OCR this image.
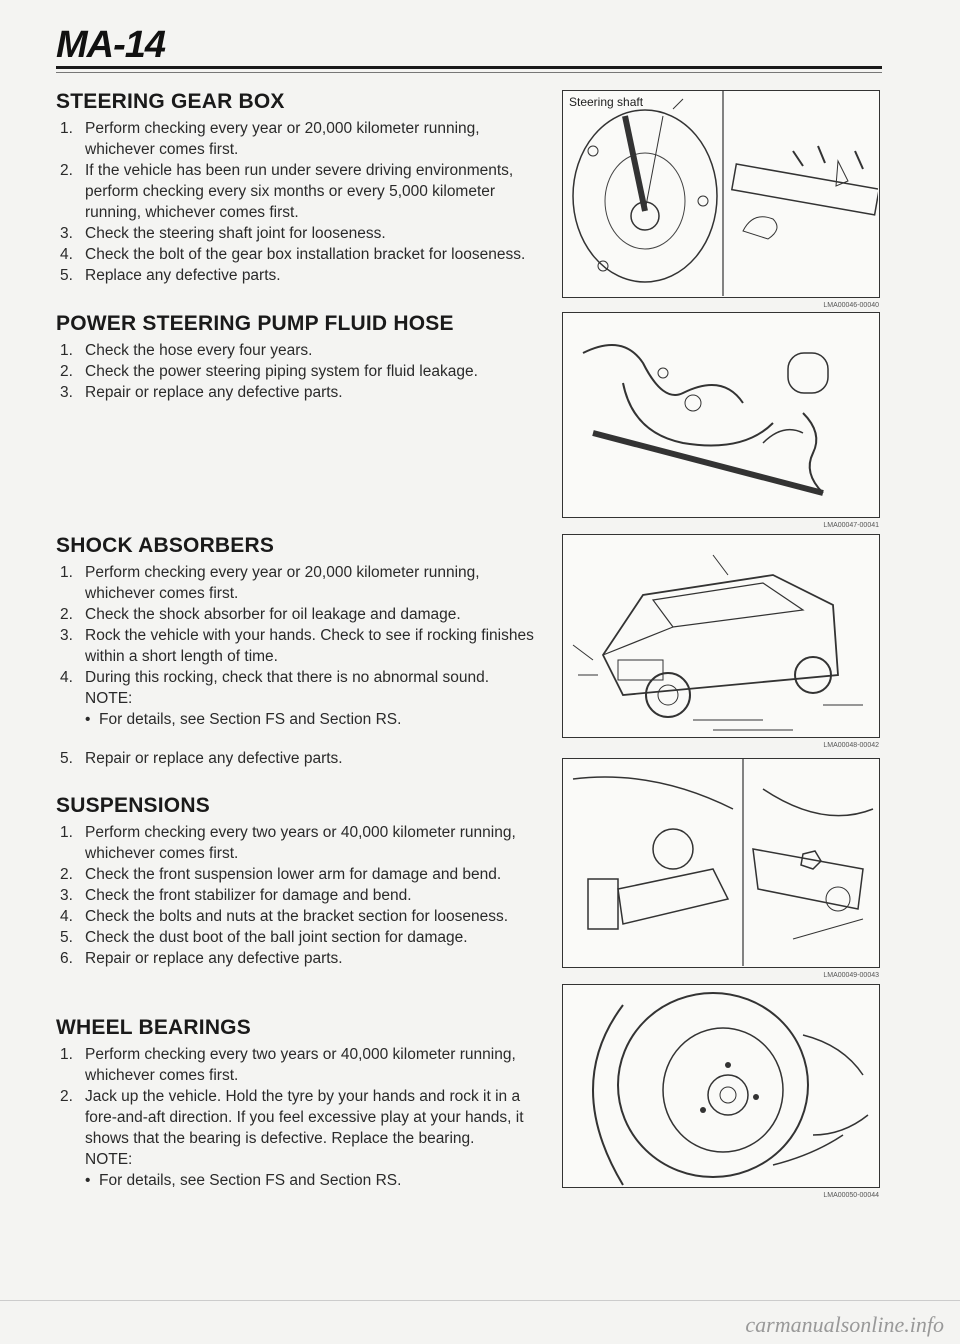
MA-14
STEERING GEAR BOX
1. Perform checking every year or 20,000 kilometer running, whichever comes first.
2. If the vehicle has been run under severe driving environments, perform checking every six months or every 5,000 kilometer running, whichever comes first.
3. Check the steering shaft joint for looseness.
4. Check the bolt of the gear box installation bracket for looseness.
5. Replace any defective parts.
POWER STEERING PUMP FLUID HOSE
1. Check the hose every four years.
2. Check the power steering piping system for fluid leakage.
3. Repair or replace any defective parts.
SHOCK ABSORBERS
1. Perform checking every year or 20,000 kilometer running, whichever comes first.
2. Check the shock absorber for oil leakage and damage.
3. Rock the vehicle with your hands. Check to see if rocking finishes within a short length of time.
4. During this rocking, check that there is no abnormal sound.
NOTE:
• For details, see Section FS and Section RS.
5. Repair or replace any defective parts.
SUSPENSIONS
1. Perform checking every two years or 40,000 kilometer running, whichever comes first.
2. Check the front suspension lower arm for damage and bend.
3. Check the front stabilizer for damage and bend.
4. Check the bolts and nuts at the bracket section for looseness.
5. Check the dust boot of the ball joint section for damage.
6. Repair or replace any defective parts.
WHEEL BEARINGS
1. Perform checking every two years or 40,000 kilometer running, whichever comes first.
2. Jack up the vehicle. Hold the tyre by your hands and rock it in a fore-and-aft direction. If you feel excessive play at your hands, it shows that the bearing is defective. Replace the bearing.
NOTE:
• For details, see Section FS and Section RS.
Steering shaft
LMA00046-00040
LMA00047-00041
LMA00048-00042
LMA00049-00043
LMA00050-00044
carmanualsonline.info
